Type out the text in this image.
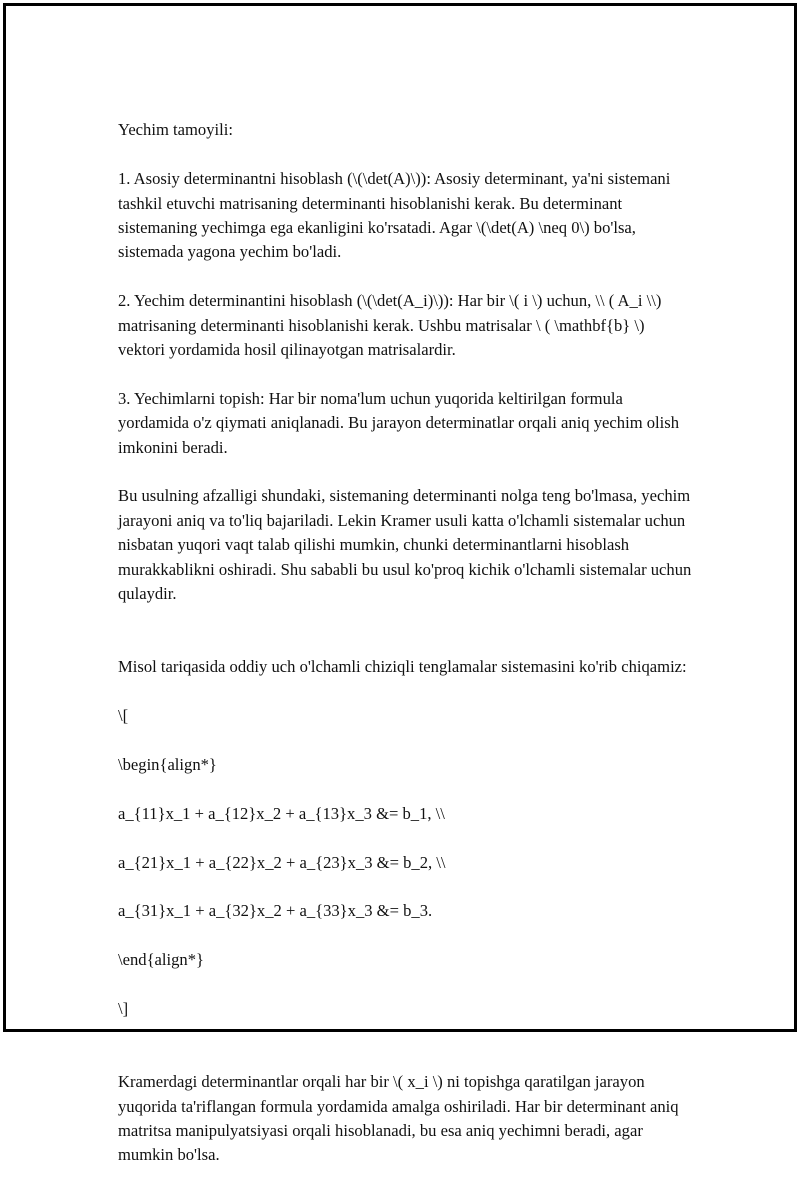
Yechim tamoyili:

1. Asosiy determinantni hisoblash (\(\det(A)\)): Asosiy determinant, ya'ni sistemani tashkil etuvchi matrisaning determinanti hisoblanishi kerak. Bu determinant sistemaning yechimga ega ekanligini ko'rsatadi. Agar \(\det(A) \neq 0\) bo'lsa, sistemada yagona yechim bo'ladi.

2. Yechim determinantini hisoblash (\(\det(A_i)\)): Har bir \( i \) uchun, \\ ( A_i \\) matrisaning determinanti hisoblanishi kerak. Ushbu matrisalar \ ( \mathbf{b} \) vektori yordamida hosil qilinayotgan matrisalardir.

3. Yechimlarni topish: Har bir noma'lum uchun yuqorida keltirilgan formula yordamida o'z qiymati aniqlanadi. Bu jarayon determinatlar orqali aniq yechim olish imkonini beradi.

Bu usulning afzalligi shundaki, sistemaning determinanti nolga teng bo'lmasa, yechim jarayoni aniq va to'liq bajariladi. Lekin Kramer usuli katta o'lchamli sistemalar uchun nisbatan yuqori vaqt talab qilishi mumkin, chunki determinantlarni hisoblash murakkablikni oshiradi. Shu sababli bu usul ko'proq kichik o'lchamli sistemalar uchun qulaydir.

Misol tariqasida oddiy uch o'lchamli chiziqli tenglamalar sistemasini ko'rib chiqamiz:

\[

\begin{align*}

a_{11}x_1 + a_{12}x_2 + a_{13}x_3 &= b_1, \\

a_{21}x_1 + a_{22}x_2 + a_{23}x_3 &= b_2, \\

a_{31}x_1 + a_{32}x_2 + a_{33}x_3 &= b_3.

\end{align*}

\]

Kramerdagi determinantlar orqali har bir \( x_i \) ni topishga qaratilgan jarayon yuqorida ta'riflangan formula yordamida amalga oshiriladi. Har bir determinant aniq matritsa manipulyatsiyasi orqali hisoblanadi, bu esa aniq yechimni beradi, agar mumkin bo'lsa.
